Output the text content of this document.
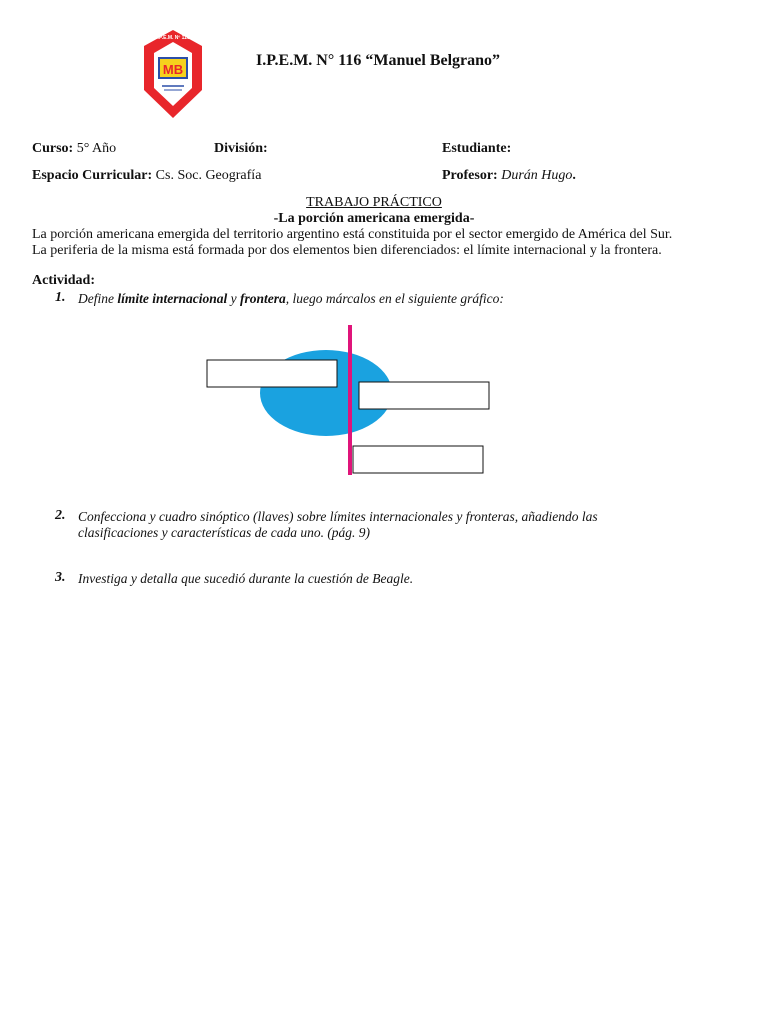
MB
I.P.E.M. Nº 116
I.P.E.M. N° 116 “Manuel Belgrano”
Curso: 5° Año	División:	Estudiante:
Espacio Curricular: Cs. Soc. Geografía	Profesor: Durán Hugo.
TRABAJO PRÁCTICO
-La porción americana emergida-
La porción americana emergida del territorio argentino está constituida por el sector emergido de América del Sur.
La periferia de la misma está formada por dos elementos bien diferenciados: el límite internacional y la frontera.
Actividad:
1. Define límite internacional y frontera, luego márcalos en el siguiente gráfico:
2. Confecciona y cuadro sinóptico (llaves) sobre límites internacionales y fronteras, añadiendo las
clasificaciones y características de cada uno. (pág. 9)
3. Investiga y detalla que sucedió durante la cuestión de Beagle.
